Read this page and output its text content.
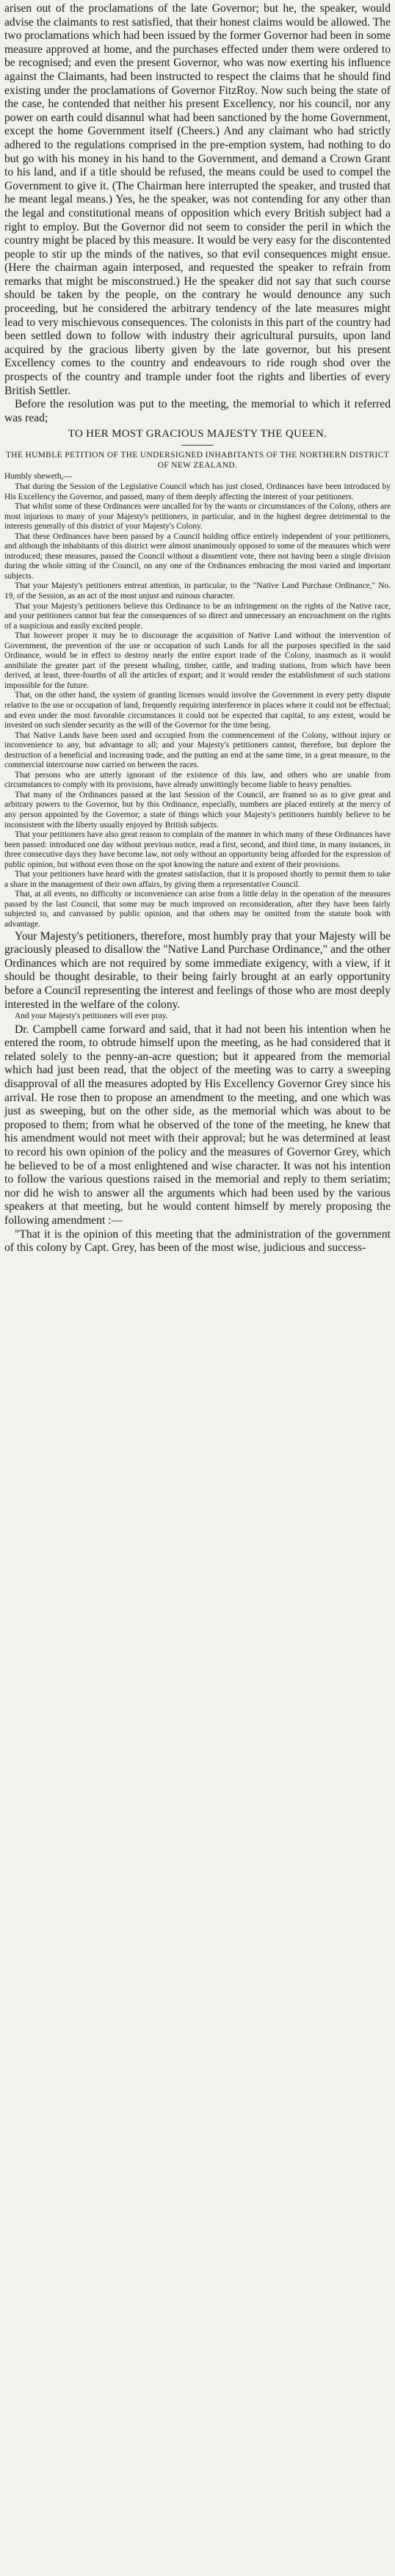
arisen out of the proclamations of the late Governor; but he, the speaker, would advise the claimants to rest satisfied, that their honest claims would be allowed. The two proclamations which had been issued by the former Governor had been in some measure approved at home, and the purchases effected under them were ordered to be recognised; and even the present Governor, who was now exerting his influence against the Claimants, had been instructed to respect the claims that he should find existing under the proclamations of Governor FitzRoy. Now such being the state of the case, he contended that neither his present Excellency, nor his council, nor any power on earth could disannul what had been sanctioned by the home Government, except the home Government itself (Cheers.) And any claimant who had strictly adhered to the regulations comprised in the pre-emption system, had nothing to do but go with his money in his hand to the Government, and demand a Crown Grant to his land, and if a title should be refused, the means could be used to compel the Government to give it. (The Chairman here interrupted the speaker, and trusted that he meant legal means.) Yes, he the speaker, was not contending for any other than the legal and constitutional means of opposition which every British subject had a right to employ. But the Governor did not seem to consider the peril in which the country might be placed by this measure. It would be very easy for the discontented people to stir up the minds of the natives, so that evil consequences might ensue. (Here the chairman again interposed, and requested the speaker to refrain from remarks that might be misconstrued.) He the speaker did not say that such course should be taken by the people, on the contrary he would denounce any such proceeding, but he considered the arbitrary tendency of the late measures might lead to very mischievous consequences. The colonists in this part of the country had been settled down to follow with industry their agricultural pursuits, upon land acquired by the gracious liberty given by the late governor, but his present Excellency comes to the country and endeavours to ride rough shod over the prospects of the country and trample under foot the rights and liberties of every British Settler.

Before the resolution was put to the meeting, the memorial to which it referred was read;

TO HER MOST GRACIOUS MAJESTY THE QUEEN.
THE HUMBLE PETITION OF THE UNDERSIGNED INHABITANTS OF THE NORTHERN DISTRICT OF NEW ZEALAND.

Humbly sheweth,—

That during the Session of the Legislative Council which has just closed, Ordinances have been introduced by His Excellency the Governor, and passed, many of them deeply affecting the interest of your petitioners.

That whilst some of these Ordinances were uncalled for by the wants or circumstances of the Colony, others are most injurious to many of your Majesty's petitioners, in particular, and in the highest degree detrimental to the interests generally of this district of your Majesty's Colony.

That these Ordinances have been passed by a Council holding office entirely independent of your petitioners, and although the inhabitants of this district were almost unanimously opposed to some of the measures which were introduced; these measures, passed the Council without a dissentient vote, there not having been a single division during the whole sitting of the Council, on any one of the Ordinances embracing the most varied and important subjects.

That your Majesty's petitioners entreat attention, in particular, to the "Native Land Purchase Ordinance," No. 19, of the Session, as an act of the most unjust and ruinous character.

That your Majesty's petitioners believe this Ordinance to be an infringement on the rights of the Native race, and your petitioners cannot but fear the consequences of so direct and unnecessary an encroachment on the rights of a suspicious and easily excited people.

That however proper it may be to discourage the acquisition of Native Land without the intervention of Government, the prevention of the use or occupation of such Lands for all the purposes specified in the said Ordinance, would be in effect to destroy nearly the entire export trade of the Colony, inasmuch as it would annihilate the greater part of the present whaling, timber, cattle, and trading stations, from which have been derived, at least, three-fourths of all the articles of export; and it would render the establishment of such stations impossible for the future.

That, on the other hand, the system of granting licenses would involve the Government in every petty dispute relative to the use or occupation of land, frequently requiring interference in places where it could not be effectual; and even under the most favorable circumstances it could not be expected that capital, to any extent, would be invested on such slender security as the will of the Governor for the time being.

That Native Lands have been used and occupied from the commencement of the Colony, without injury or inconvenience to any, but advantage to all; and your Majesty's petitioners cannot, therefore, but deplore the destruction of a beneficial and increasing trade, and the putting an end at the same time, in a great measure, to the commercial intercourse now carried on between the races.

That persons who are utterly ignorant of the existence of this law, and others who are unable from circumstances to comply with its provisions, have already unwittingly become liable to heavy penalties.

That many of the Ordinances passed at the last Session of the Council, are framed so as to give great and arbitrary powers to the Governor, but by this Ordinance, especially, numbers are placed entirely at the mercy of any person appointed by the Governor; a state of things which your Majesty's petitioners humbly believe to be inconsistent with the liberty usually enjoyed by British subjects.

That your petitioners have also great reason to complain of the manner in which many of these Ordinances have been passed: introduced one day without previous notice, read a first, second, and third time, in many instances, in three consecutive days they have become law, not only without an opportunity being afforded for the expression of public opinion, but without even those on the spot knowing the nature and extent of their provisions.

That your petitioners have heard with the greatest satisfaction, that it is proposed shortly to permit them to take a share in the management of their own affairs, by giving them a representative Council.

That, at all events, no difficulty or inconvenience can arise from a little delay in the operation of the measures passed by the last Council, that some may be much improved on reconsideration, after they have been fairly subjected to, and canvassed by public opinion, and that others may be omitted from the statute book with advantage.

Your Majesty's petitioners, therefore, most humbly pray that your Majesty will be graciously pleased to disallow the "Native Land Purchase Ordinance," and the other Ordinances which are not required by some immediate exigency, with a view, if it should be thought desirable, to their being fairly brought at an early opportunity before a Council representing the interest and feelings of those who are most deeply interested in the welfare of the colony.

And your Majesty's petitioners will ever pray.

Dr. Campbell came forward and said, that it had not been his intention when he entered the room, to obtrude himself upon the meeting, as he had considered that it related solely to the penny-an-acre question; but it appeared from the memorial which had just been read, that the object of the meeting was to carry a sweeping disapproval of all the measures adopted by His Excellency Governor Grey since his arrival. He rose then to propose an amendment to the meeting, and one which was just as sweeping, but on the other side, as the memorial which was about to be proposed to them; from what he observed of the tone of the meeting, he knew that his amendment would not meet with their approval; but he was determined at least to record his own opinion of the policy and the measures of Governor Grey, which he believed to be of a most enlightened and wise character. It was not his intention to follow the various questions raised in the memorial and reply to them seriatim; nor did he wish to answer all the arguments which had been used by the various speakers at that meeting, but he would content himself by merely proposing the following amendment :—

"That it is the opinion of this meeting that the administration of the government of this colony by Capt. Grey, has been of the most wise, judicious and success-
